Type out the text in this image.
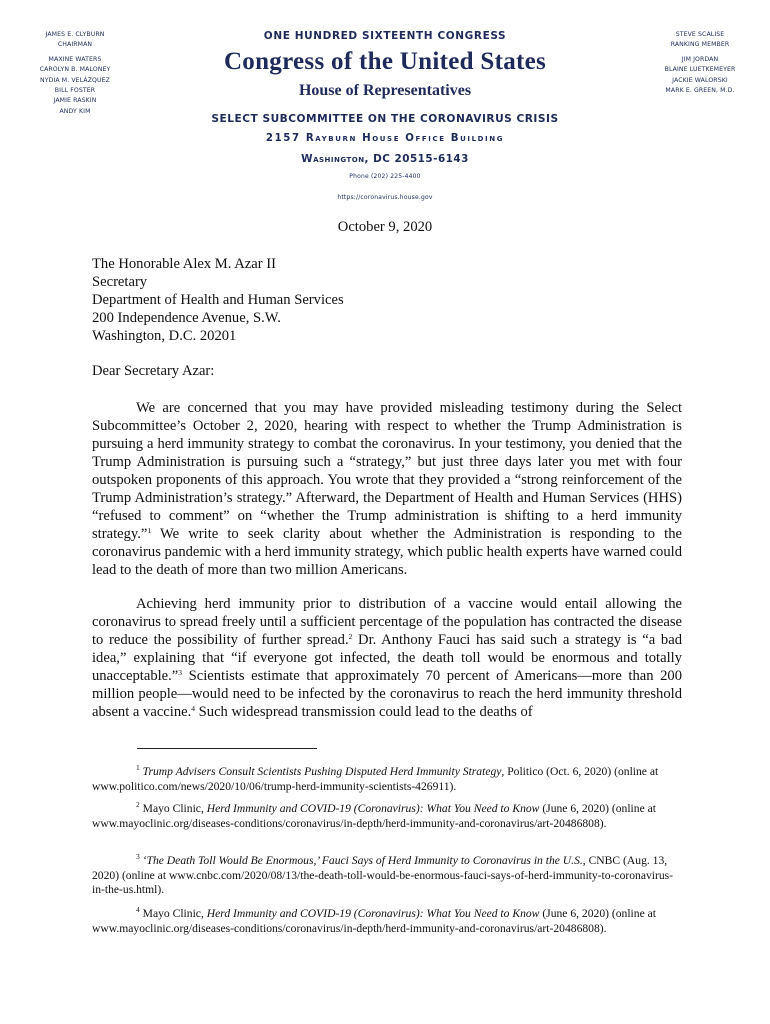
JAMES E. CLYBURN
CHAIRMAN
MAXINE WATERS
CAROLYN B. MALONEY
NYDIA M. VELÁZQUEZ
BILL FOSTER
JAMIE RASKIN
ANDY KIM
STEVE SCALISE
RANKING MEMBER
JIM JORDAN
BLAINE LUETKEMEYER
JACKIE WALORSKI
MARK E. GREEN, M.D.
ONE HUNDRED SIXTEENTH CONGRESS
Congress of the United States
House of Representatives
SELECT SUBCOMMITTEE ON THE CORONAVIRUS CRISIS
2157 Rayburn House Office Building
Washington, DC 20515-6143
Phone (202) 225-4400
https://coronavirus.house.gov
October 9, 2020
The Honorable Alex M. Azar II
Secretary
Department of Health and Human Services
200 Independence Avenue, S.W.
Washington, D.C. 20201
Dear Secretary Azar:

We are concerned that you may have provided misleading testimony during the Select Subcommittee’s October 2, 2020, hearing with respect to whether the Trump Administration is pursuing a herd immunity strategy to combat the coronavirus. In your testimony, you denied that the Trump Administration is pursuing such a “strategy,” but just three days later you met with four outspoken proponents of this approach. You wrote that they provided a “strong reinforcement of the Trump Administration’s strategy.” Afterward, the Department of Health and Human Services (HHS) “refused to comment” on “whether the Trump administration is shifting to a herd immunity strategy.”$^1$ We write to seek clarity about whether the Administration is responding to the coronavirus pandemic with a herd immunity strategy, which public health experts have warned could lead to the death of more than two million Americans.

Achieving herd immunity prior to distribution of a vaccine would entail allowing the coronavirus to spread freely until a sufficient percentage of the population has contracted the disease to reduce the possibility of further spread.$^2$ Dr. Anthony Fauci has said such a strategy is “a bad idea,” explaining that “if everyone got infected, the death toll would be enormous and totally unacceptable.”$^3$ Scientists estimate that approximately 70 percent of Americans—more than 200 million people—would need to be infected by the coronavirus to reach the herd immunity threshold absent a vaccine.$^4$ Such widespread transmission could lead to the deaths of

$^1$ Trump Advisers Consult Scientists Pushing Disputed Herd Immunity Strategy, Politico (Oct. 6, 2020) (online at www.politico.com/news/2020/10/06/trump-herd-immunity-scientists-426911).

$^2$ Mayo Clinic, Herd Immunity and COVID-19 (Coronavirus): What You Need to Know (June 6, 2020) (online at www.mayoclinic.org/diseases-conditions/coronavirus/in-depth/herd-immunity-and-coronavirus/art-20486808).

$^3$ ‘The Death Toll Would Be Enormous,’ Fauci Says of Herd Immunity to Coronavirus in the U.S., CNBC (Aug. 13, 2020) (online at www.cnbc.com/2020/08/13/the-death-toll-would-be-enormous-fauci-says-of-herd-immunity-to-coronavirus-in-the-us.html).

$^4$ Mayo Clinic, Herd Immunity and COVID-19 (Coronavirus): What You Need to Know (June 6, 2020) (online at www.mayoclinic.org/diseases-conditions/coronavirus/in-depth/herd-immunity-and-coronavirus/art-20486808).
